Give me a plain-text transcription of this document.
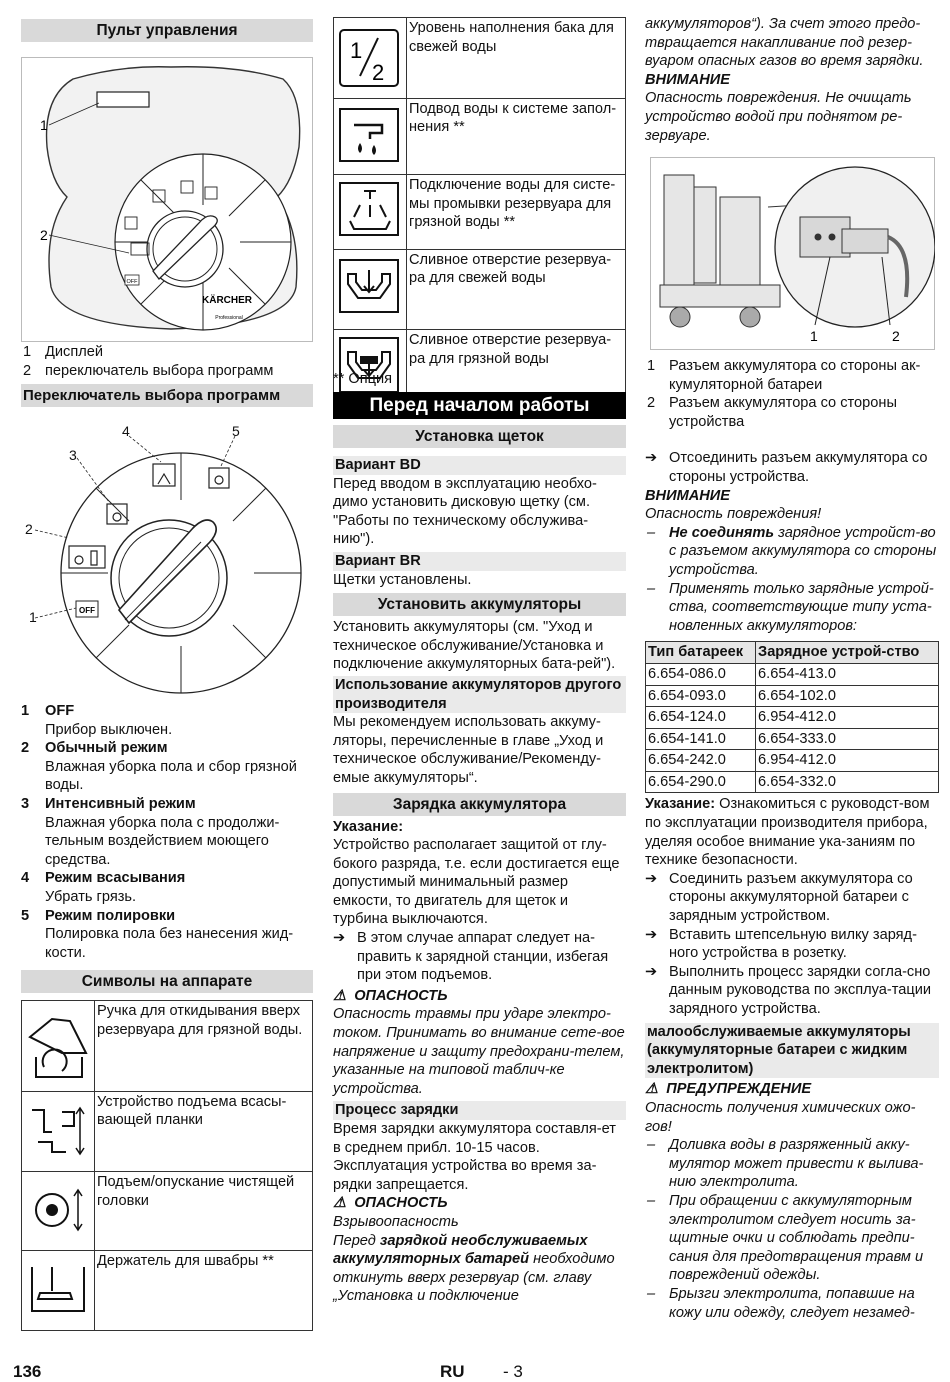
Пульт управления
OFF
KÄRCHER
Professional
1
2
1 Дисплей
2 переключатель выбора программ
Переключатель выбора программ
OFF
1
2
3
4	5
1 OFF

Прибор выключен.

2 Обычный режим

Влажная уборка пола и сбор грязной воды.

3 Интенсивный режим

Влажная уборка пола с продолжи-тельным воздействием моющего средства.

4 Режим всасывания

Убрать грязь.

5 Режим полировки

Полировка пола без нанесения жид-кости.

Символы на аппарате
	Ручка для откидывания вверх резервуара для грязной воды.
	Устройство подъема всасы-вающей планки
	Подъем/опускание чистящей головки
	Держатель для швабры **
1
2	Уровень наполнения бака для свежей воды
	Подвод воды к системе запол-нения **
	Подключение воды для систе-мы промывки резервуара для грязной воды **
	Сливное отверстие резервуа-ра для свежей воды
	Сливное отверстие резервуа-ра для грязной воды

** Опция

Перед началом работы
Установка щеток
Вариант BD

Перед вводом в эксплуатацию необхо-димо установить дисковую щетку (см. "Работы по техническому обслужива-нию").

Вариант BR

Щетки установлены.

Установить аккумуляторы

Установить аккумуляторы (см. "Уход и техническое обслуживание/Установка и подключение аккумуляторных бата-рей").

Использование аккумуляторов другого производителя

Мы рекомендуем использовать аккуму-ляторы, перечисленные в главе „Уход и техническое обслуживание/Рекоменду-емые аккумуляторы“.

Зарядка аккумулятора

Указание:

Устройство располагает защитой от глу-бокого разряда, т.е. если достигается еще допустимый минимальный размер емкости, то двигатель для щеток и турбина выключаются.

➔ В этом случае аппарат следует на-править к зарядной станции, избегая при этом подъемов.

⚠ ОПАСНОСТЬ

Опасность травмы при ударе электро-током. Принимать во внимание сете-вое напряжение и защиту предохрани-телем, указанные на типовой таблич-ке устройства.

Процесс зарядки

Время зарядки аккумулятора составля-ет в среднем прибл. 10-15 часов. Эксплуатация устройства во время за-рядки запрещается.

⚠ ОПАСНОСТЬ

Взрывоопасность

Перед зарядкой необслуживаемых аккумуляторных батарей необходимо откинуть вверх резервуар (см. главу „Установка и подключение

аккумуляторов“). За счет этого предо-твращается накапливание под резер-вуаром опасных газов во время зарядки.

ВНИМАНИЕ

Опасность повреждения. Не очищать устройство водой при поднятом ре-зервуаре.

1	2
1 Разъем аккумулятора со стороны ак-кумуляторной батареи
2 Разъем аккумулятора со стороны устройства
➔ Отсоединить разъем аккумулятора со стороны устройства.

ВНИМАНИЕ

Опасность повреждения!

– Не соединять зарядное устройст-во с разъемом аккумулятора со стороны устройства.
– Применять только зарядные устрой-ства, соответствующие типу уста-новленных аккумуляторов:
Тип батареек	Зарядное устрой-ство
6.654-086.0	6.654-413.0
6.654-093.0	6.654-102.0
6.654-124.0	6.954-412.0
6.654-141.0	6.654-333.0
6.654-242.0	6.954-412.0
6.654-290.0	6.654-332.0

Указание: Ознакомиться с руководст-вом по эксплуатации производителя прибора, уделяя особое внимание ука-заниям по технике безопасности.

➔ Соединить разъем аккумулятора со стороны аккумуляторной батареи с зарядным устройством.
➔ Вставить штепсельную вилку заряд-ного устройства в розетку.
➔ Выполнить процесс зарядки согла-сно данным руководства по эксплуа-тации зарядного устройства.
малообслуживаемые аккумуляторы (аккумуляторные батареи с жидким электролитом)

⚠ ПРЕДУПРЕЖДЕНИЕ

Опасность получения химических ожо-гов!

– Доливка воды в разряженный акку-мулятор может привести к вылива-нию электролита.
– При обращении с аккумуляторным электролитом следует носить за-щитные очки и соблюдать предпи-сания для предотвращения травм и повреждений одежды.
– Брызги электролита, попавшие на кожу или одежду, следует незамед-
136	RU - 3
